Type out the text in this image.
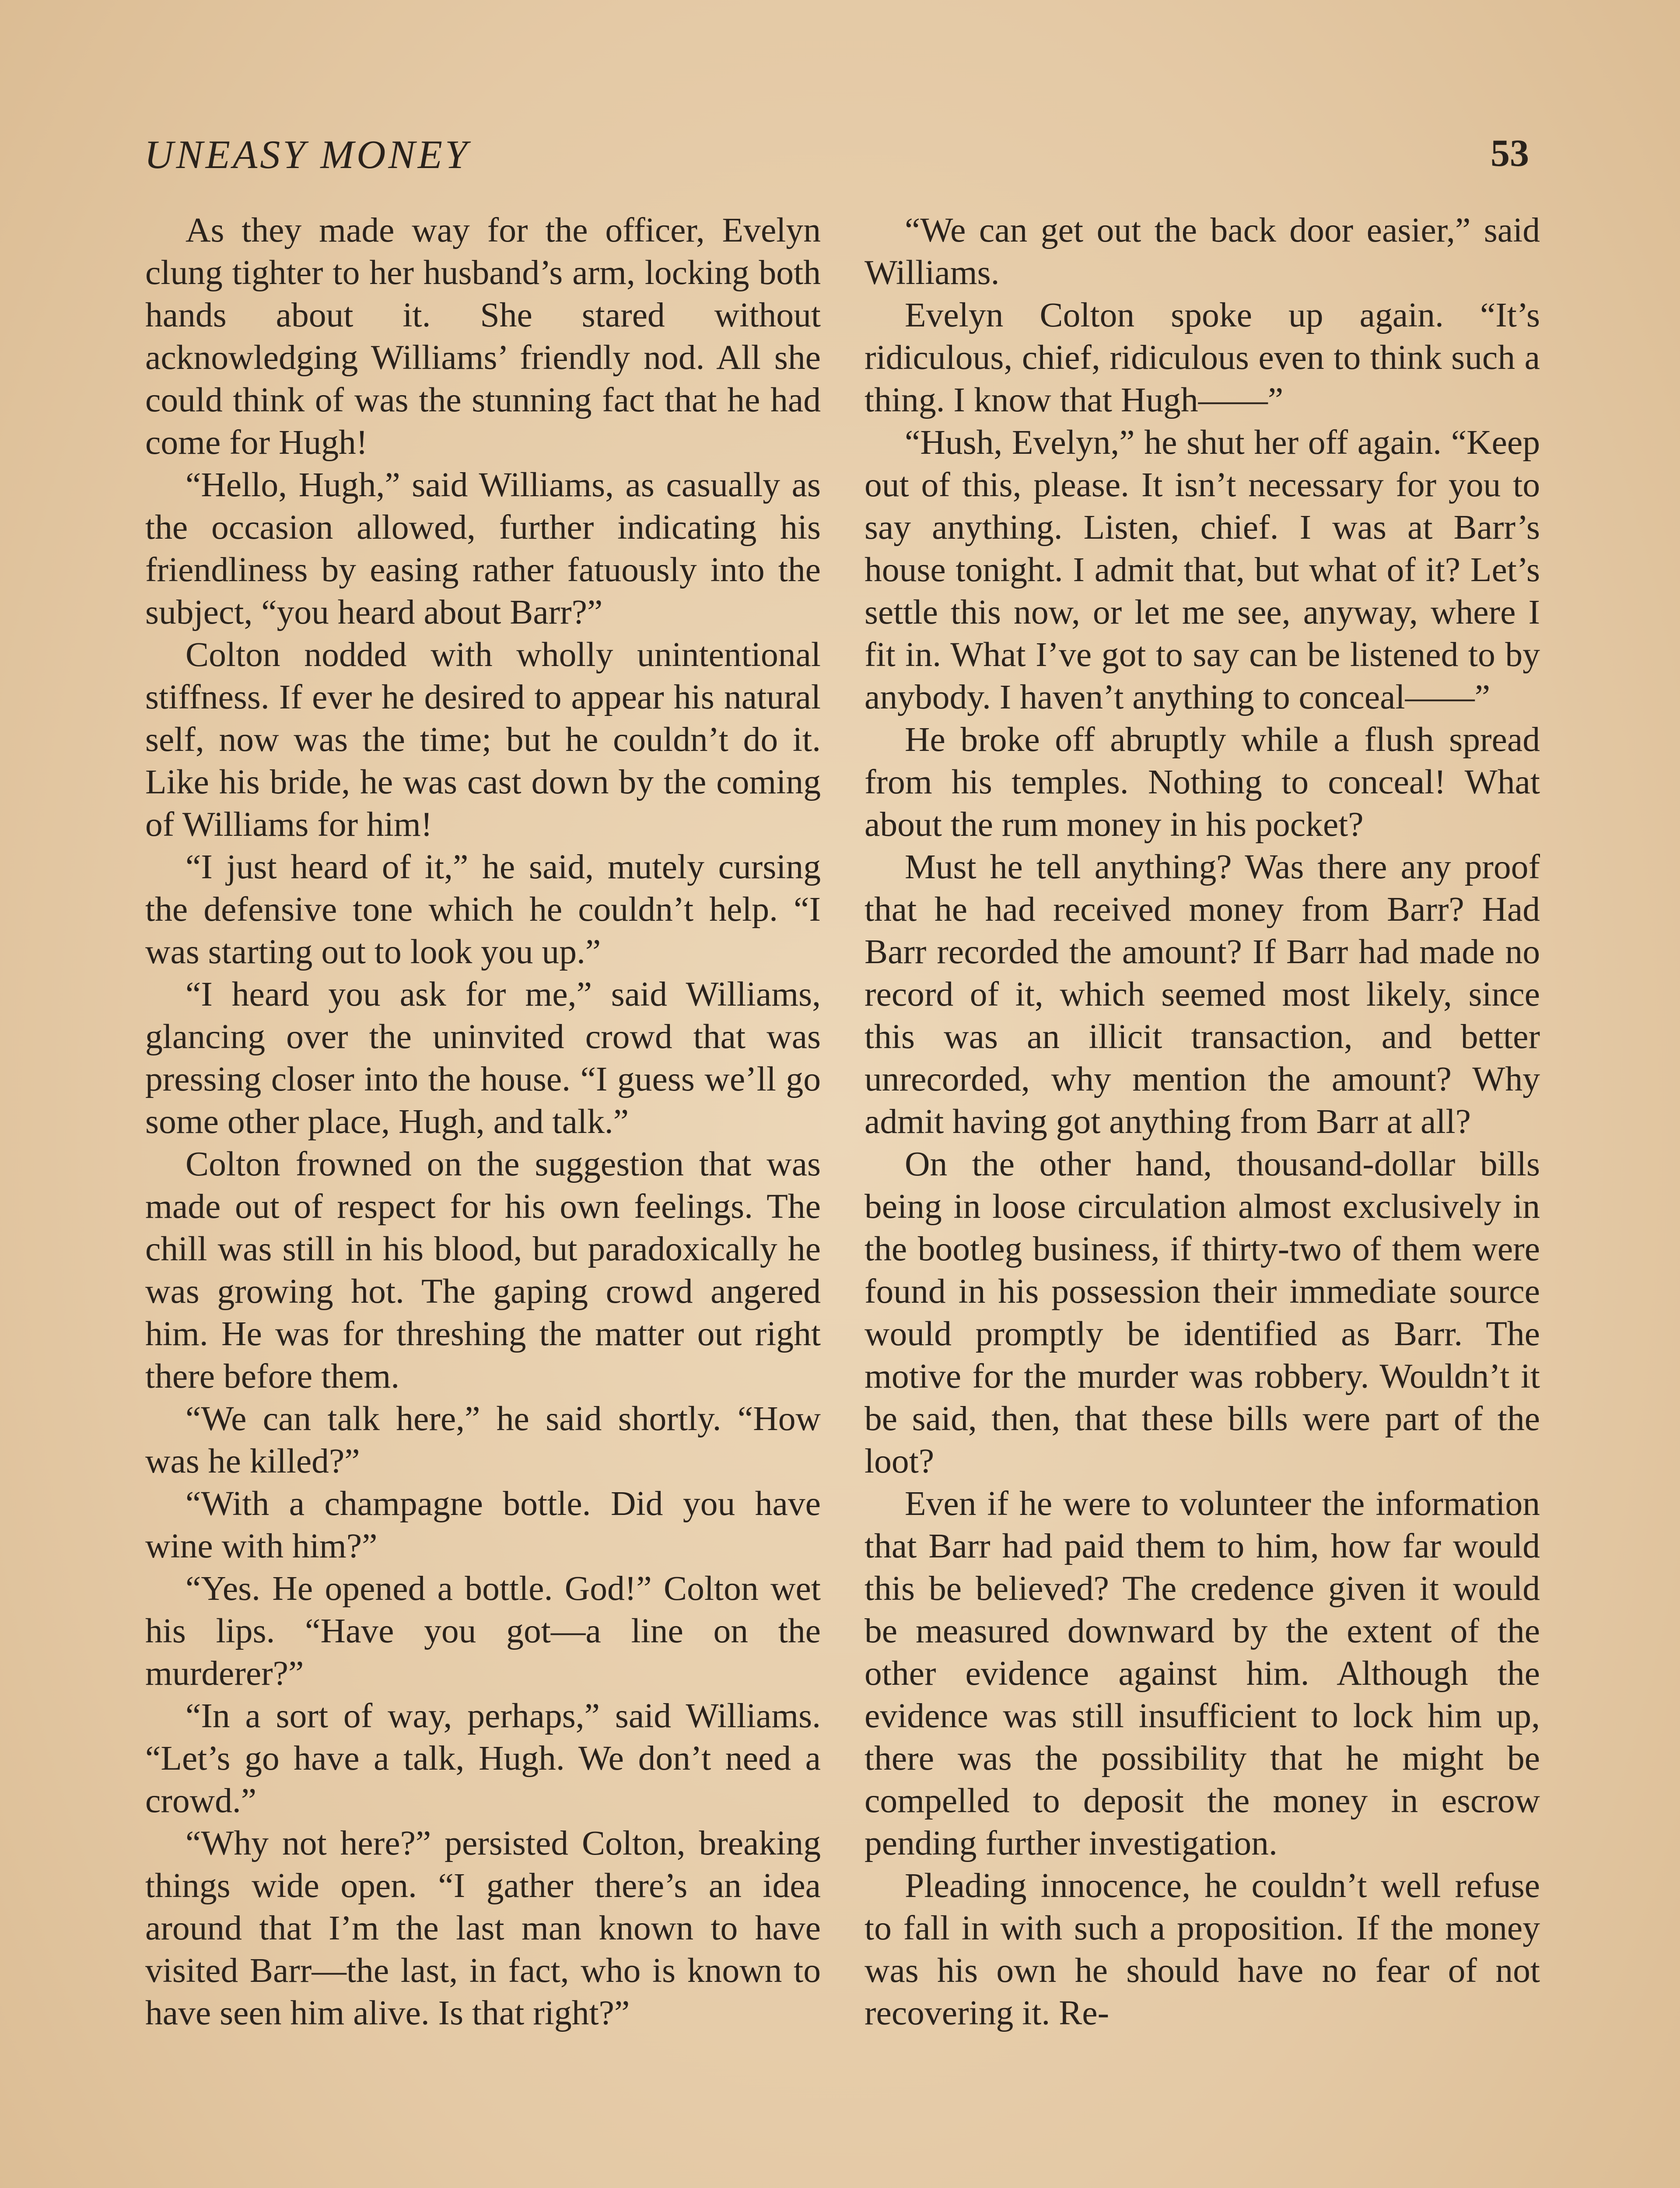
UNEASY MONEY	53

As they made way for the officer, Evelyn clung tighter to her husband’s arm, locking both hands about it. She stared without acknowledging Williams’ friendly nod. All she could think of was the stunning fact that he had come for Hugh!

“Hello, Hugh,” said Williams, as casually as the occasion allowed, further indicating his friendliness by easing rather fatuously into the subject, “you heard about Barr?”

Colton nodded with wholly unintentional stiffness. If ever he desired to appear his natural self, now was the time; but he couldn’t do it. Like his bride, he was cast down by the coming of Williams for him!

“I just heard of it,” he said, mutely cursing the defensive tone which he couldn’t help. “I was starting out to look you up.”

“I heard you ask for me,” said Williams, glancing over the uninvited crowd that was pressing closer into the house. “I guess we’ll go some other place, Hugh, and talk.”

Colton frowned on the suggestion that was made out of respect for his own feelings. The chill was still in his blood, but paradoxically he was growing hot. The gaping crowd angered him. He was for threshing the matter out right there before them.

“We can talk here,” he said shortly. “How was he killed?”

“With a champagne bottle. Did you have wine with him?”

“Yes. He opened a bottle. God!” Colton wet his lips. “Have you got—a line on the murderer?”

“In a sort of way, perhaps,” said Williams. “Let’s go have a talk, Hugh. We don’t need a crowd.”

“Why not here?” persisted Colton, breaking things wide open. “I gather there’s an idea around that I’m the last man known to have visited Barr—the last, in fact, who is known to have seen him alive. Is that right?”

“We can get out the back door easier,” said Williams.

Evelyn Colton spoke up again. “It’s ridiculous, chief, ridiculous even to think such a thing. I know that Hugh——”

“Hush, Evelyn,” he shut her off again. “Keep out of this, please. It isn’t necessary for you to say anything. Listen, chief. I was at Barr’s house tonight. I admit that, but what of it? Let’s settle this now, or let me see, anyway, where I fit in. What I’ve got to say can be listened to by anybody. I haven’t anything to conceal——”

He broke off abruptly while a flush spread from his temples. Nothing to conceal! What about the rum money in his pocket?

Must he tell anything? Was there any proof that he had received money from Barr? Had Barr recorded the amount? If Barr had made no record of it, which seemed most likely, since this was an illicit transaction, and better unrecorded, why mention the amount? Why admit having got anything from Barr at all?

On the other hand, thousand-dollar bills being in loose circulation almost exclusively in the bootleg business, if thirty-two of them were found in his possession their immediate source would promptly be identified as Barr. The motive for the murder was robbery. Wouldn’t it be said, then, that these bills were part of the loot?

Even if he were to volunteer the information that Barr had paid them to him, how far would this be believed? The credence given it would be measured downward by the extent of the other evidence against him. Although the evidence was still insufficient to lock him up, there was the possibility that he might be compelled to deposit the money in escrow pending further investigation.

Pleading innocence, he couldn’t well refuse to fall in with such a proposition. If the money was his own he should have no fear of not recovering it. Re-
